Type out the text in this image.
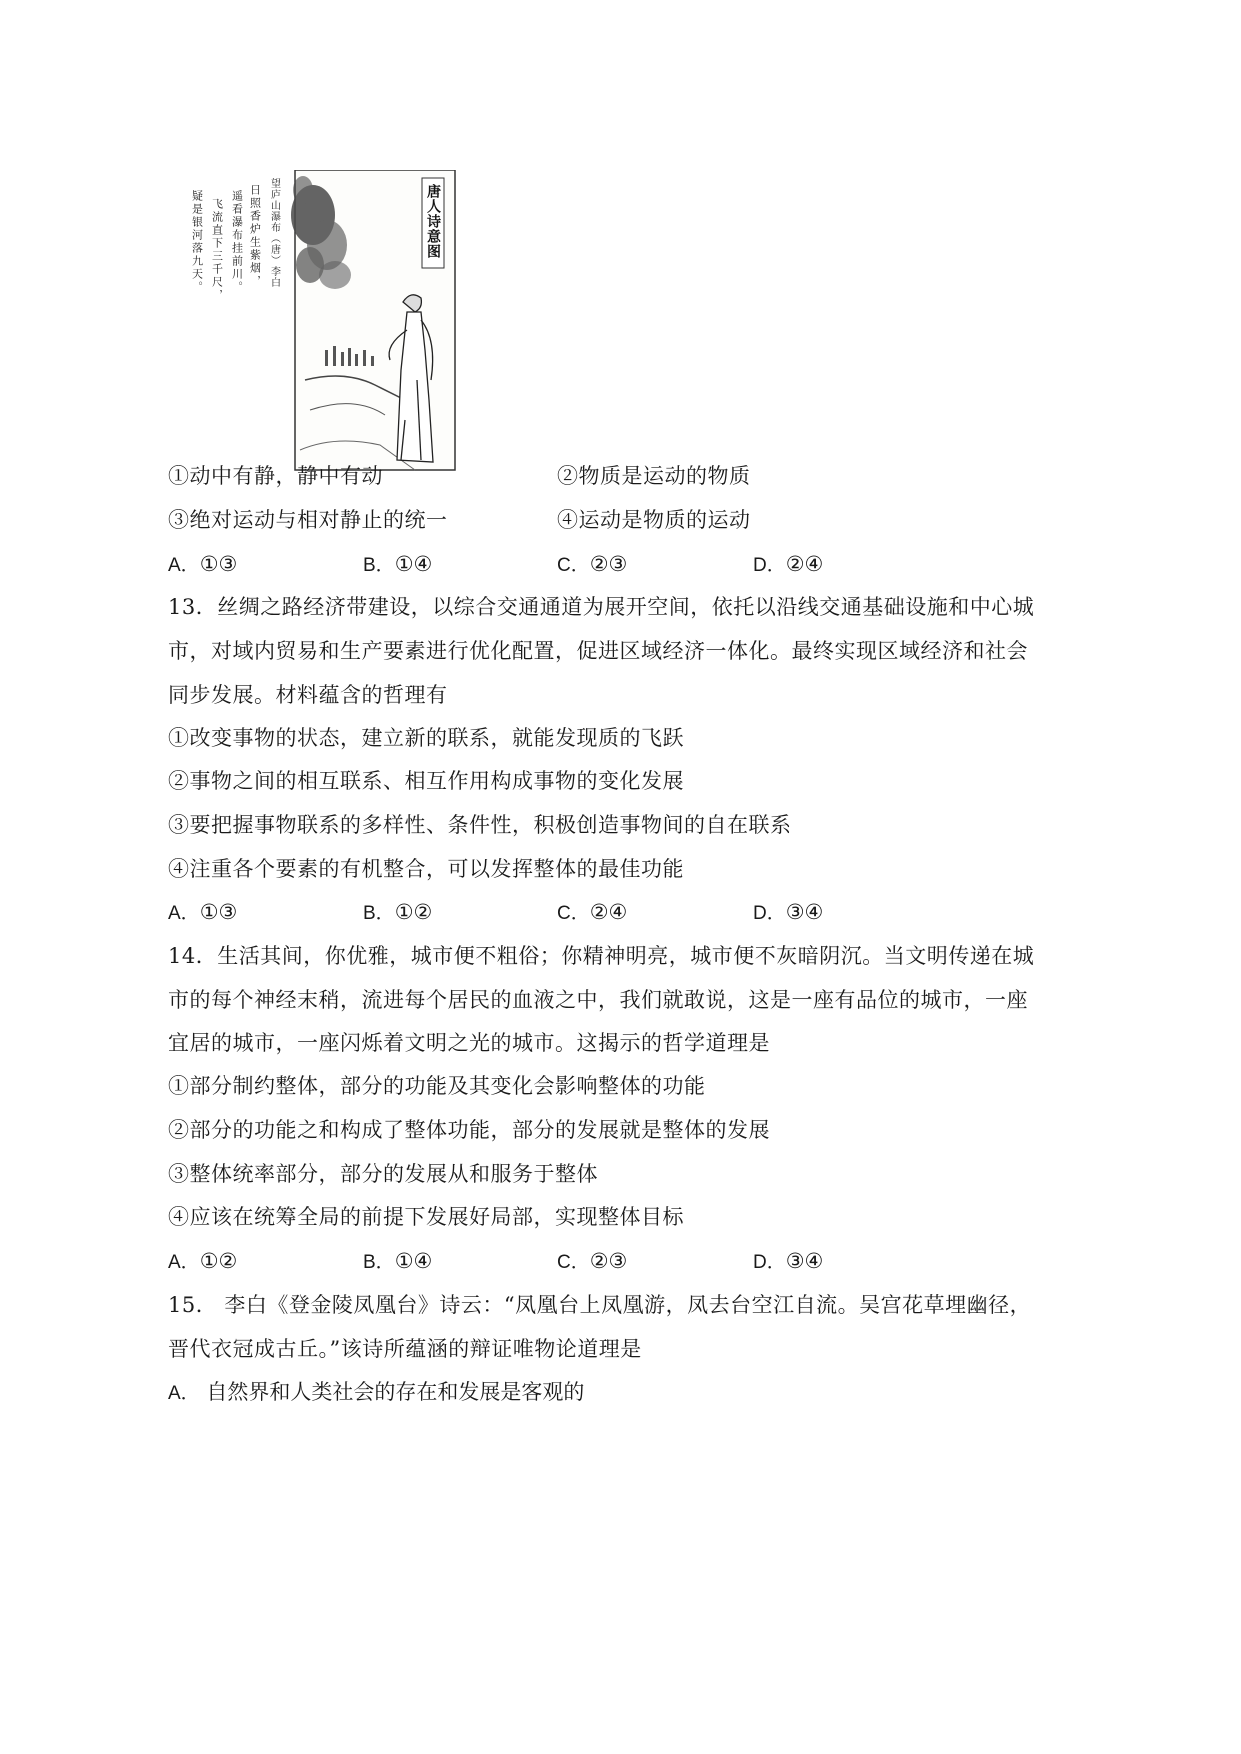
疑是银河落九天。 飞流直下三千尺， 遥看瀑布挂前川。 日照香炉生紫烟， 望庐山瀑布（唐）李白	唐人诗意图
①动中有静，静中有动	②物质是运动的物质
③绝对运动与相对静止的统一	④运动是物质的运动
A．①③	B．①④	C．②③	D．②④
13．丝绸之路经济带建设，以综合交通通道为展开空间，依托以沿线交通基础设施和中心城
市，对域内贸易和生产要素进行优化配置，促进区域经济一体化。最终实现区域经济和社会
同步发展。材料蕴含的哲理有
①改变事物的状态，建立新的联系，就能发现质的飞跃
②事物之间的相互联系、相互作用构成事物的变化发展
③要把握事物联系的多样性、条件性，积极创造事物间的自在联系
④注重各个要素的有机整合，可以发挥整体的最佳功能
A．①③	B．①②	C．②④	D．③④
14．生活其间，你优雅，城市便不粗俗；你精神明亮，城市便不灰暗阴沉。当文明传递在城
市的每个神经末稍，流进每个居民的血液之中，我们就敢说，这是一座有品位的城市，一座
宜居的城市，一座闪烁着文明之光的城市。这揭示的哲学道理是
①部分制约整体，部分的功能及其变化会影响整体的功能
②部分的功能之和构成了整体功能，部分的发展就是整体的发展
③整体统率部分，部分的发展从和服务于整体
④应该在统筹全局的前提下发展好局部，实现整体目标
A．①②	B．①④	C．②③	D．③④
15． 李白《登金陵凤凰台》诗云：“凤凰台上凤凰游，凤去台空江自流。吴宫花草埋幽径，
晋代衣冠成古丘。”该诗所蕴涵的辩证唯物论道理是
A． 自然界和人类社会的存在和发展是客观的
